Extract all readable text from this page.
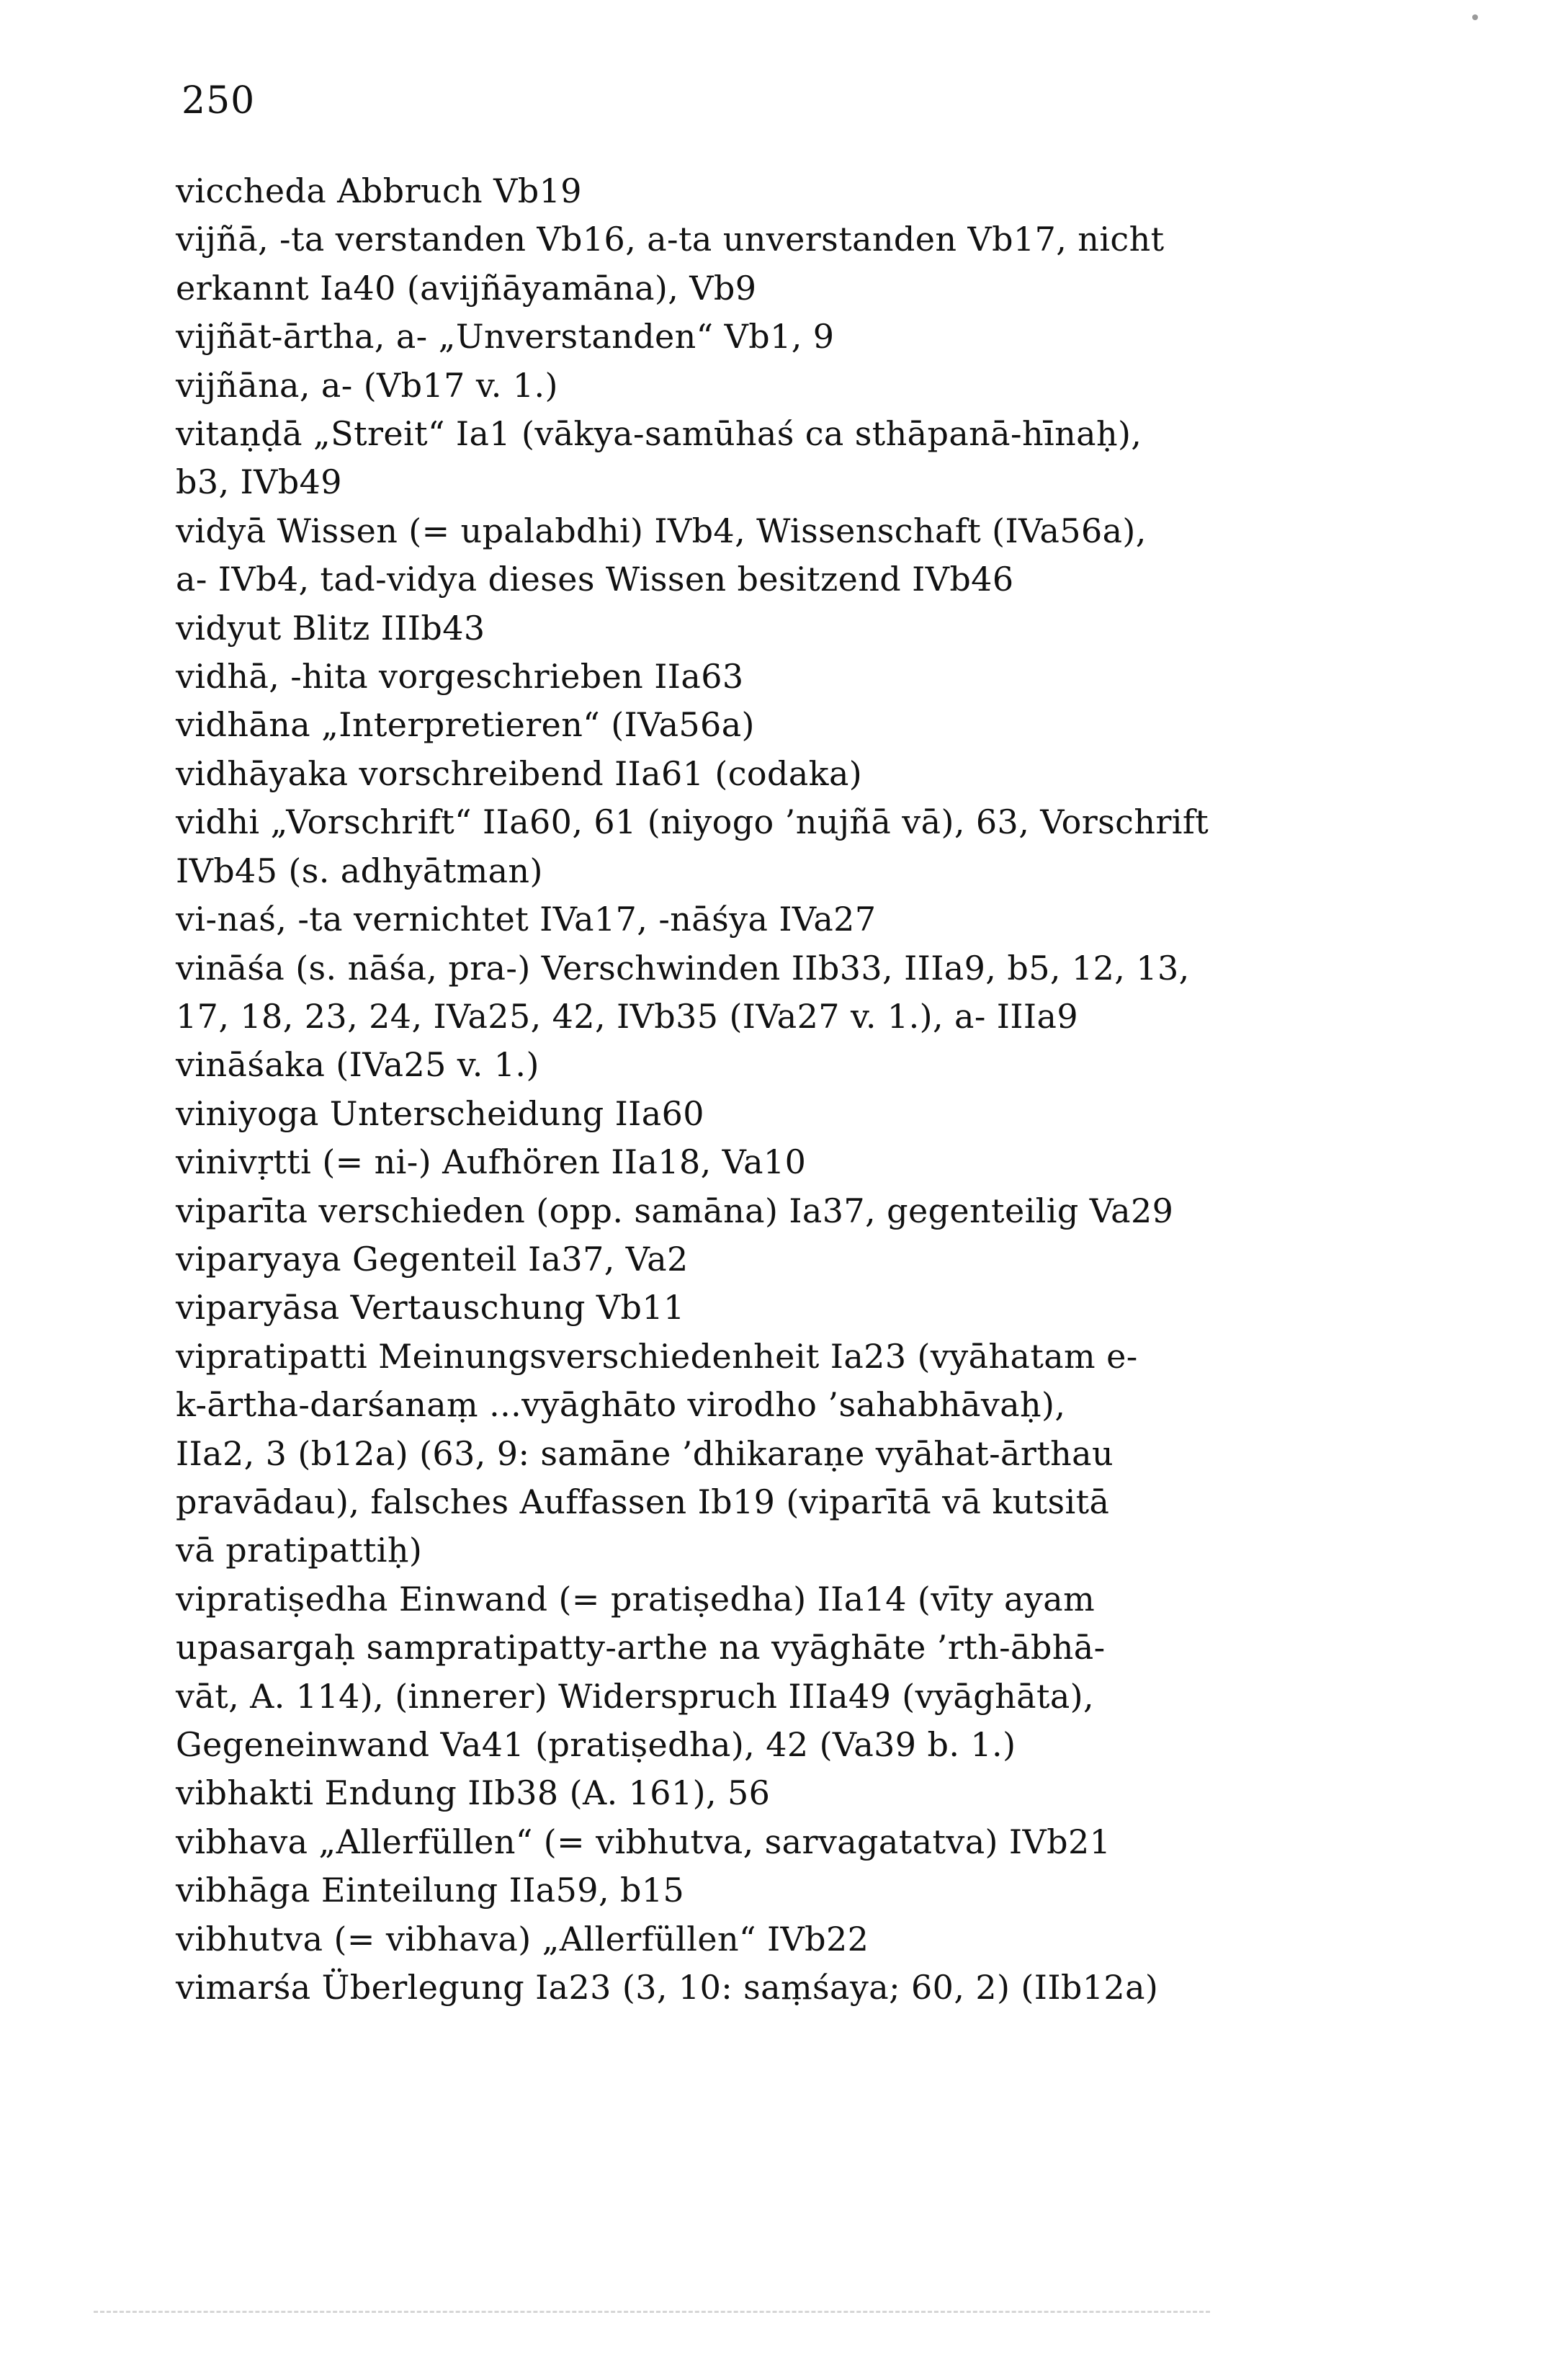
250

viccheda Abbruch Vb19

vijñā, -ta verstanden Vb16, a-ta unverstanden Vb17, nicht
erkannt Ia40 (avijñāyamāna), Vb9

vijñāt-ārtha, a- „Unverstanden“ Vb1, 9

vijñāna, a- (Vb17 v. 1.)

vitaṇḍā „Streit“ Ia1 (vākya-samūhaś ca sthāpanā-hīnaḥ),
b3, IVb49

vidyā Wissen (= upalabdhi) IVb4, Wissenschaft (IVa56a),
a- IVb4, tad-vidya dieses Wissen besitzend IVb46

vidyut Blitz IIIb43

vidhā, -hita vorgeschrieben IIa63

vidhāna „Interpretieren“ (IVa56a)

vidhāyaka vorschreibend IIa61 (codaka)

vidhi „Vorschrift“ IIa60, 61 (niyogo ’nujñā vā), 63, Vorschrift
IVb45 (s. adhyātman)

vi-naś, -ta vernichtet IVa17, -nāśya IVa27

vināśa (s. nāśa, pra-) Verschwinden IIb33, IIIa9, b5, 12, 13,
17, 18, 23, 24, IVa25, 42, IVb35 (IVa27 v. 1.), a- IIIa9

vināśaka (IVa25 v. 1.)

viniyoga Unterscheidung IIa60

vinivṛtti (= ni-) Aufhören IIa18, Va10

viparīta verschieden (opp. samāna) Ia37, gegenteilig Va29

viparyaya Gegenteil Ia37, Va2

viparyāsa Vertauschung Vb11

vipratipatti Meinungsverschiedenheit Ia23 (vyāhatam e-
k-ārtha-darśanaṃ ...vyāghāto virodho ’sahabhāvaḥ),
IIa2, 3 (b12a) (63, 9: samāne ’dhikaraṇe vyāhat-ārthau
pravādau), falsches Auffassen Ib19 (viparītā vā kutsitā
vā pratipattiḥ)

vipratiṣedha Einwand (= pratiṣedha) IIa14 (vīty ayam
upasargaḥ sampratipatty-arthe na vyāghāte ’rth-ābhā-
vāt, A. 114), (innerer) Widerspruch IIIa49 (vyāghāta),
Gegeneinwand Va41 (pratiṣedha), 42 (Va39 b. 1.)

vibhakti Endung IIb38 (A. 161), 56

vibhava „Allerfüllen“ (= vibhutva, sarvagatatva) IVb21

vibhāga Einteilung IIa59, b15

vibhutva (= vibhava) „Allerfüllen“ IVb22

vimarśa Überlegung Ia23 (3, 10: saṃśaya; 60, 2) (IIb12a)
